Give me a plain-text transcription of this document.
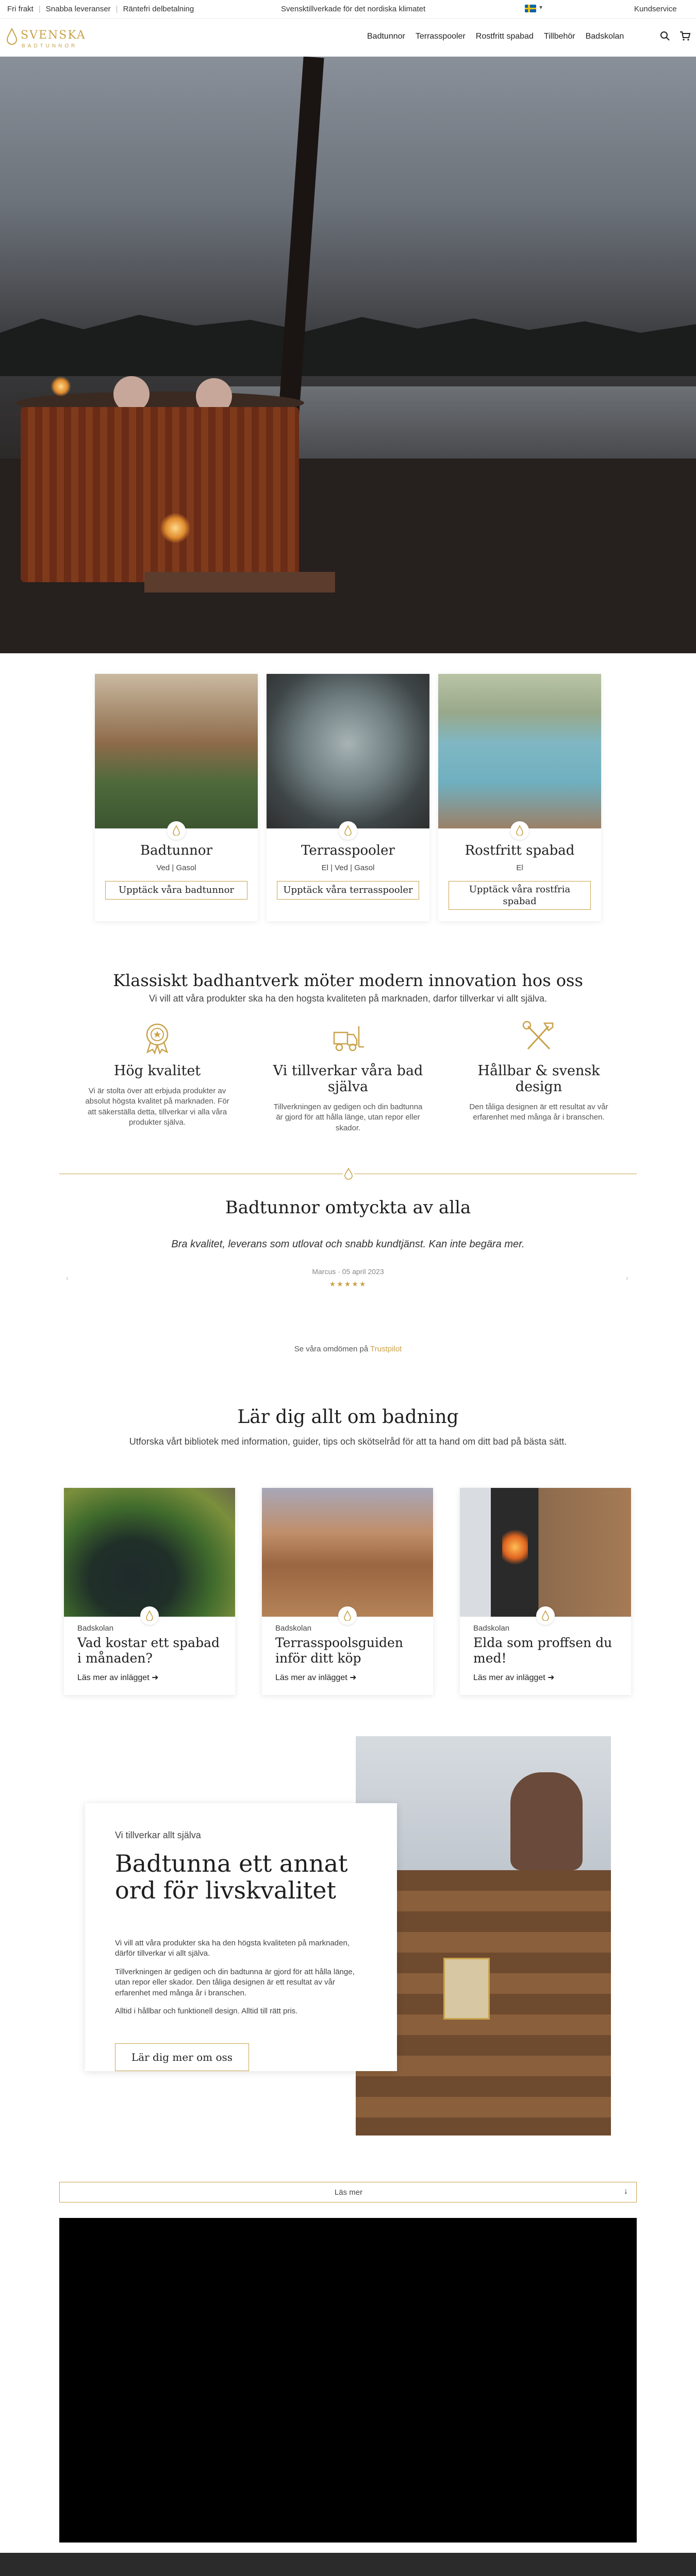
Fri frakt | Snabba leveranser | Räntefri delbetalning	Svensktillverkade för det nordiska klimatet	▾	Kundservice
SVENSKA
BADTUNNOR
Badtunnor Terrasspooler Rostfritt spabad Tillbehör Badskolan
Badtunnor
Ved | Gasol
Upptäck våra badtunnor
Terrasspooler
El | Ved | Gasol
Upptäck våra terrasspooler
Rostfritt spabad
El
Upptäck våra rostfria spabad
Klassiskt badhantverk möter modern innovation hos oss
Vi vill att våra produkter ska ha den hogsta kvaliteten på marknaden, darfor tillverkar vi allt själva.
Hög kvalitet
Vi är stolta över att erbjuda produkter av absolut högsta kvalitet på marknaden. För att säkerställa detta, tillverkar vi alla våra produkter själva.
Vi tillverkar våra bad själva
Tillverkningen av gedigen och din badtunna är gjord för att hålla länge, utan repor eller skador.
Hållbar & svensk design
Den tåliga designen är ett resultat av vår erfarenhet med många år i branschen.
Badtunnor omtyckta av alla
Bra kvalitet, leverans som utlovat och snabb kundtjänst. Kan inte begära mer.
Marcus · 05 april 2023
★★★★★
‹	›
Se våra omdömen på Trustpilot
Lär dig allt om badning
Utforska vårt bibliotek med information, guider, tips och skötselråd för att ta hand om ditt bad på bästa sätt.
Badskolan
Vad kostar ett spabad i månaden?
Läs mer av inlägget ➜
Badskolan
Terrasspoolsguiden inför ditt köp
Läs mer av inlägget ➜
Badskolan
Elda som proffsen du med!
Läs mer av inlägget ➜
Vi tillverkar allt själva
Badtunna ett annat ord för livskvalitet
Vi vill att våra produkter ska ha den högsta kvaliteten på marknaden, därför tillverkar vi allt själva.
Tillverkningen är gedigen och din badtunna är gjord för att hålla länge, utan repor eller skador. Den tåliga designen är ett resultat av vår erfarenhet med många år i branschen.
Alltid i hållbar och funktionell design. Alltid till rätt pris.
Lär dig mer om oss
Läs mer	↓
